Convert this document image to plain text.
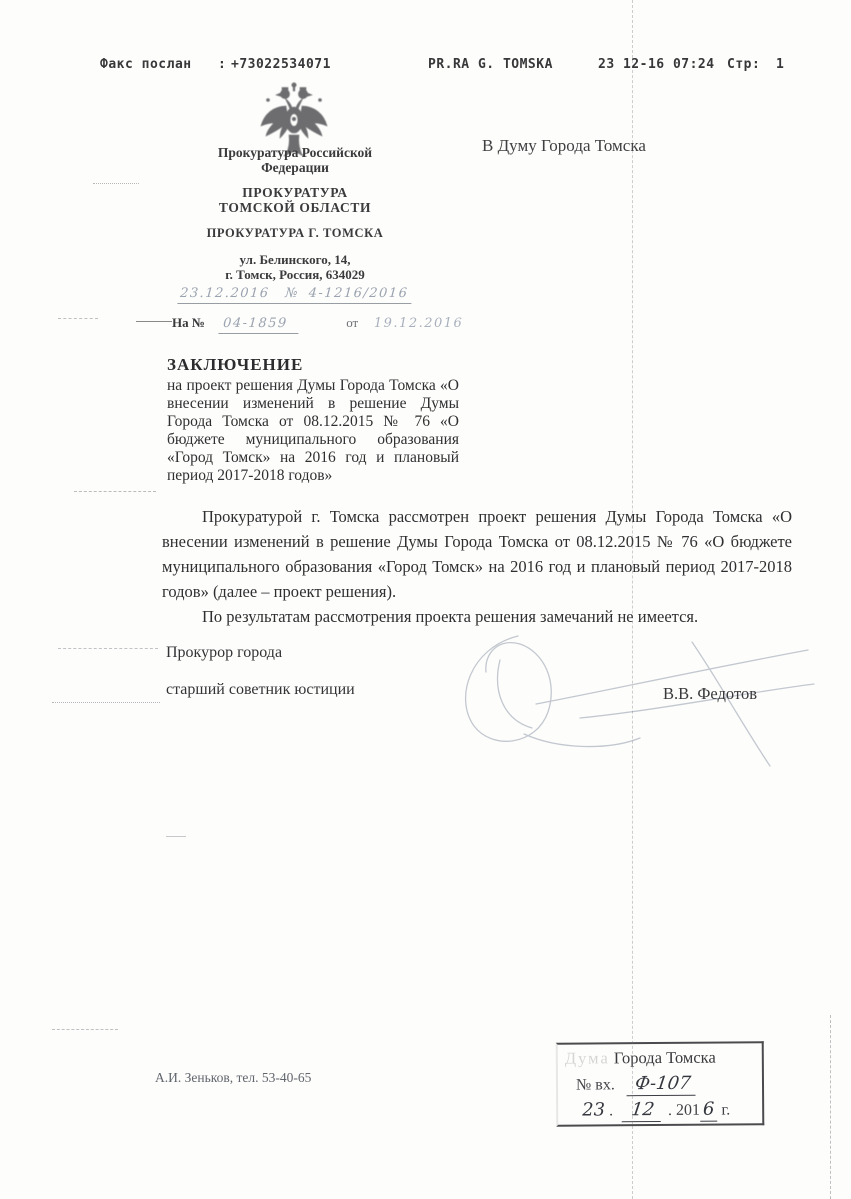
Факс послан : +73022534071	PR.RA G. TOMSKA	23 12-16 07:24 Стр: 1
Прокуратура Российской
Федерации
ПРОКУРАТУРА
ТОМСКОЙ ОБЛАСТИ
ПРОКУРАТУРА Г. ТОМСКА
ул. Белинского, 14,
г. Томск, Россия, 634029
23.12.2016 № 4-1216/2016
На № 04-1859	от 19.12.2016
В Думу Города Томска
ЗАКЛЮЧЕНИЕ
на проект решения Думы Города Томска «О внесении изменений в решение Думы Города Томска от 08.12.2015 № 76 «О бюджете муниципального образования «Город Томск» на 2016 год и плановый период 2017-2018 годов»

Прокуратурой г. Томска рассмотрен проект решения Думы Города Томска «О внесении изменений в решение Думы Города Томска от 08.12.2015 № 76 «О бюджете муниципального образования «Город Томск» на 2016 год и плановый период 2017-2018 годов» (далее – проект решения).

По результатам рассмотрения проекта решения замечаний не имеется.

Прокурор города
старший советник юстиции	В.В. Федотов
А.И. Зеньков, тел. 53-40-65
Дума Города Томска
№ вх. Ф-107
23 . 12 . 201 6 г.
